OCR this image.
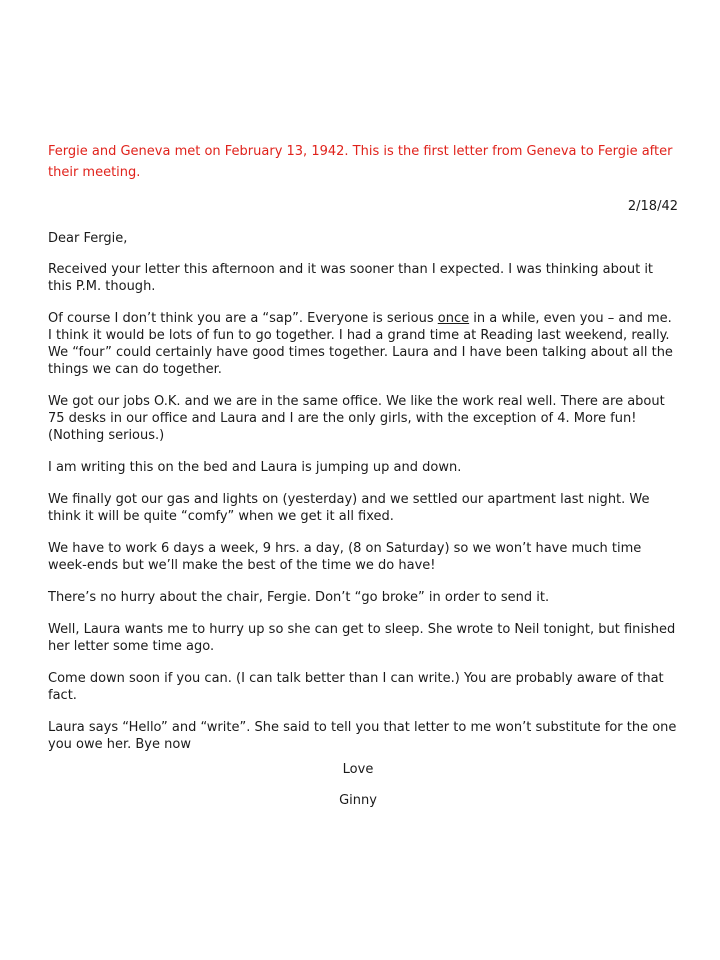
Fergie and Geneva met on February 13, 1942. This is the first letter from Geneva to Fergie after their meeting.

2/18/42

Dear Fergie,

Received your letter this afternoon and it was sooner than I expected. I was thinking about it this P.M. though.

Of course I don’t think you are a “sap”. Everyone is serious once in a while, even you – and me. I think it would be lots of fun to go together. I had a grand time at Reading last weekend, really. We “four” could certainly have good times together. Laura and I have been talking about all the things we can do together.

We got our jobs O.K. and we are in the same office. We like the work real well. There are about 75 desks in our office and Laura and I are the only girls, with the exception of 4. More fun! (Nothing serious.)

I am writing this on the bed and Laura is jumping up and down.

We finally got our gas and lights on (yesterday) and we settled our apartment last night. We think it will be quite “comfy” when we get it all fixed.

We have to work 6 days a week, 9 hrs. a day, (8 on Saturday) so we won’t have much time week-ends but we’ll make the best of the time we do have!

There’s no hurry about the chair, Fergie. Don’t “go broke” in order to send it.

Well, Laura wants me to hurry up so she can get to sleep. She wrote to Neil tonight, but finished her letter some time ago.

Come down soon if you can. (I can talk better than I can write.) You are probably aware of that fact.

Laura says “Hello” and “write”. She said to tell you that letter to me won’t substitute for the one you owe her. Bye now

Love

Ginny
